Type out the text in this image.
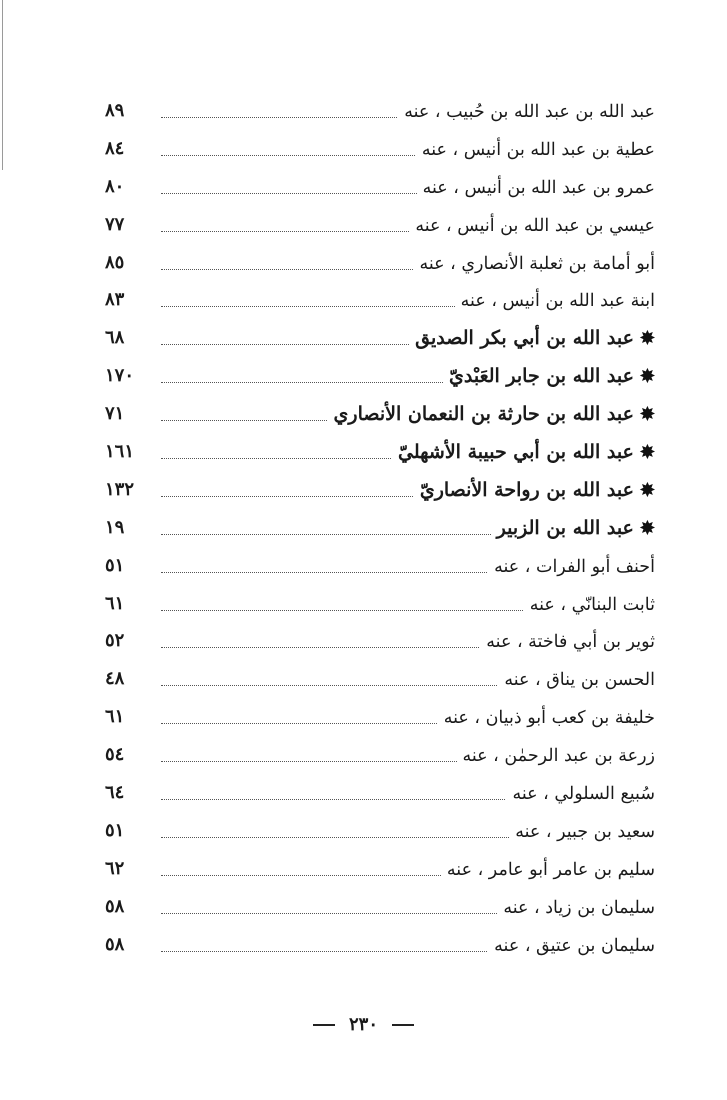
عبد الله بن عبد الله بن حُبيب ، عنه
٨٩
عطية بن عبد الله بن أنيس ، عنه
٨٤
عمرو بن عبد الله بن أنيس ، عنه
٨٠
عيسي بن عبد الله بن أنيس ، عنه
٧٧
أبو أمامة بن ثعلبة الأنصاري ، عنه
٨٥
ابنة عبد الله بن أنيس ، عنه
٨٣
✸عبد الله بن أبي بكر الصديق
٦٨
✸عبد الله بن جابر العَبْديّ
١٧٠
✸عبد الله بن حارثة بن النعمان الأنصاري
٧١
✸عبد الله بن أبي حبيبة الأشهليّ
١٦١
✸عبد الله بن رواحة الأنصاريّ
١٣٢
✸عبد الله بن الزبير
١٩
أحنف أبو الفرات ، عنه
٥١
ثابت البنانّي ، عنه
٦١
ثوير بن أبي فاختة ، عنه
٥٢
الحسن بن يناق ، عنه
٤٨
خليفة بن كعب أبو ذبيان ، عنه
٦١
زرعة بن عبد الرحمٰن ، عنه
٥٤
سُبيع السلولي ، عنه
٦٤
سعيد بن جبير ، عنه
٥١
سليم بن عامر أبو عامر ، عنه
٦٢
سليمان بن زياد ، عنه
٥٨
سليمان بن عتيق ، عنه
٥٨
٢٣٠
